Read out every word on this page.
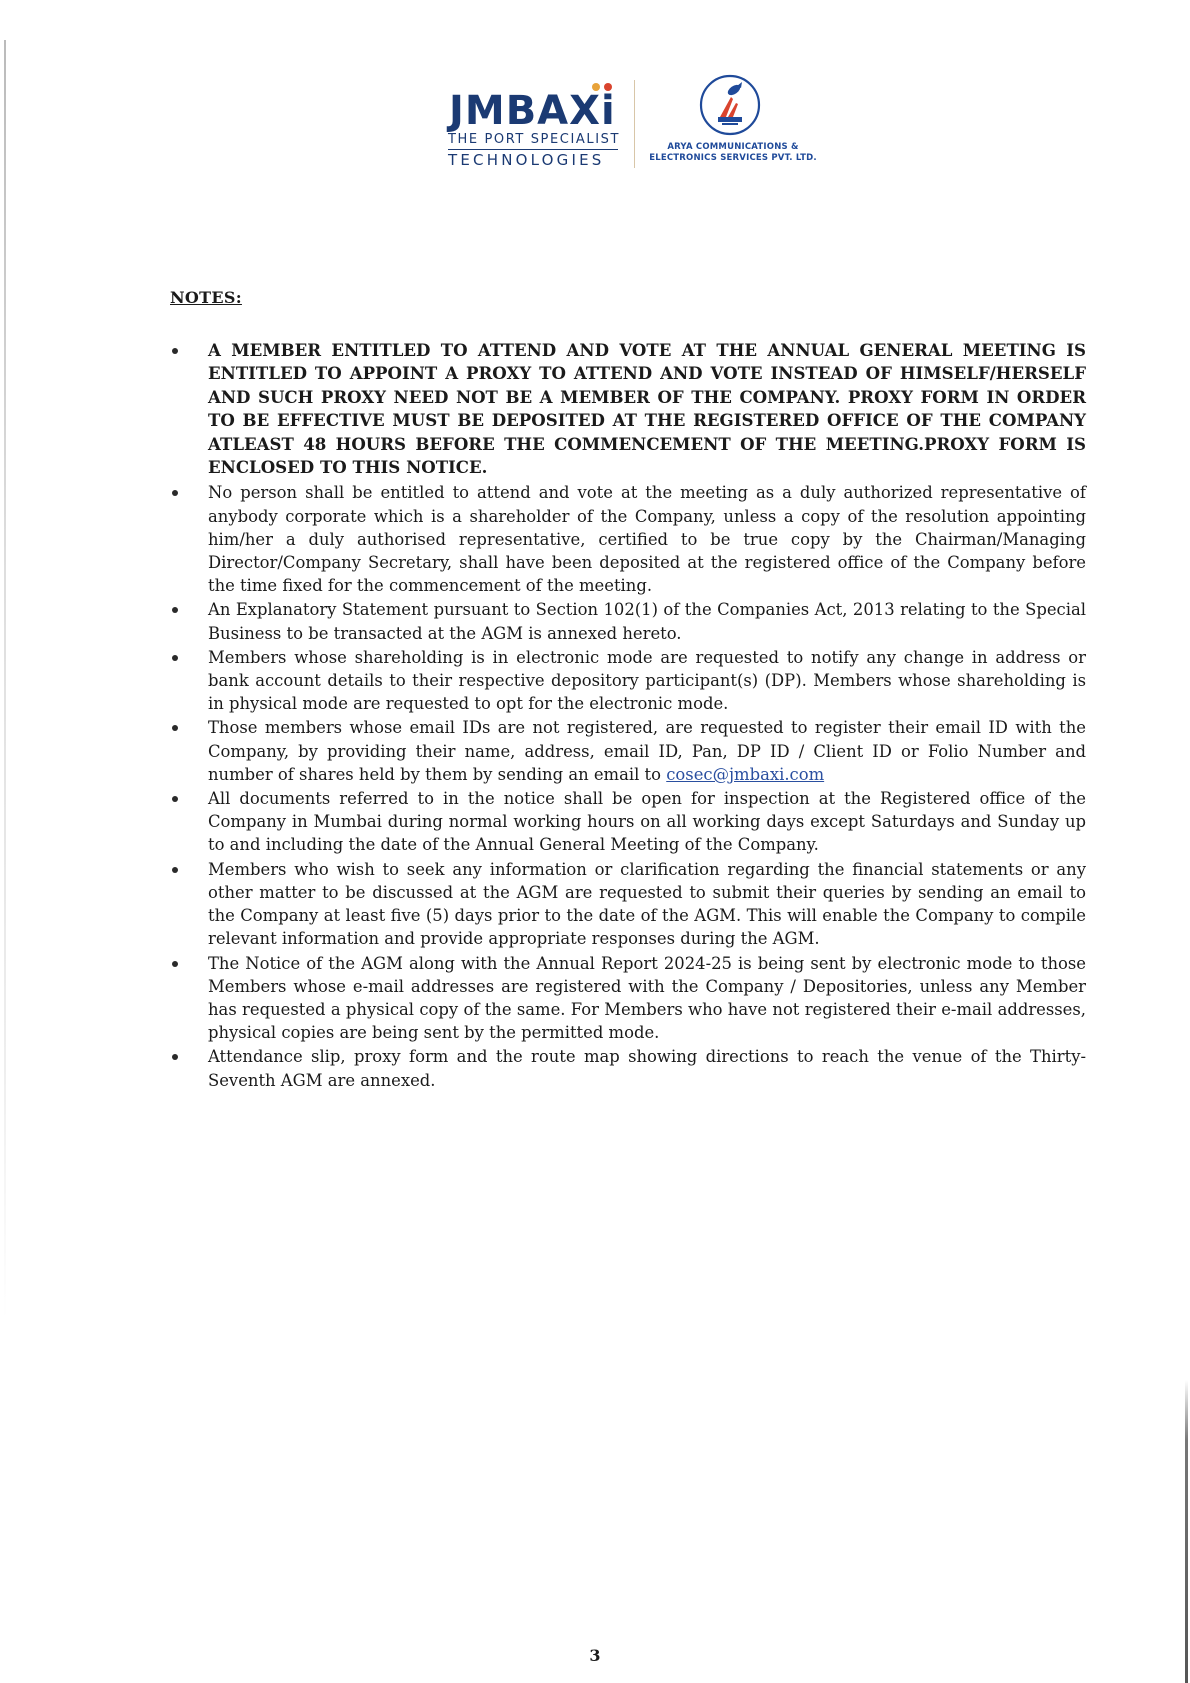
JMBAXi
THE PORT SPECIALIST
TECHNOLOGIES
ARYA COMMUNICATIONS &
ELECTRONICS SERVICES PVT. LTD.
NOTES:
A MEMBER ENTITLED TO ATTEND AND VOTE AT THE ANNUAL GENERAL MEETING IS ENTITLED TO APPOINT A PROXY TO ATTEND AND VOTE INSTEAD OF HIMSELF/HERSELF AND SUCH PROXY NEED NOT BE A MEMBER OF THE COMPANY. PROXY FORM IN ORDER TO BE EFFECTIVE MUST BE DEPOSITED AT THE REGISTERED OFFICE OF THE COMPANY ATLEAST 48 HOURS BEFORE THE COMMENCEMENT OF THE MEETING.PROXY FORM IS ENCLOSED TO THIS NOTICE.
No person shall be entitled to attend and vote at the meeting as a duly authorized representative of anybody corporate which is a shareholder of the Company, unless a copy of the resolution appointing him/her a duly authorised representative, certified to be true copy by the Chairman/Managing Director/Company Secretary, shall have been deposited at the registered office of the Company before the time fixed for the commencement of the meeting.
An Explanatory Statement pursuant to Section 102(1) of the Companies Act, 2013 relating to the Special Business to be transacted at the AGM is annexed hereto.
Members whose shareholding is in electronic mode are requested to notify any change in address or bank account details to their respective depository participant(s) (DP). Members whose shareholding is in physical mode are requested to opt for the electronic mode.
Those members whose email IDs are not registered, are requested to register their email ID with the Company, by providing their name, address, email ID, Pan, DP ID / Client ID or Folio Number and number of shares held by them by sending an email to cosec@jmbaxi.com
All documents referred to in the notice shall be open for inspection at the Registered office of the Company in Mumbai during normal working hours on all working days except Saturdays and Sunday up to and including the date of the Annual General Meeting of the Company.
Members who wish to seek any information or clarification regarding the financial statements or any other matter to be discussed at the AGM are requested to submit their queries by sending an email to the Company at least five (5) days prior to the date of the AGM. This will enable the Company to compile relevant information and provide appropriate responses during the AGM.
The Notice of the AGM along with the Annual Report 2024-25 is being sent by electronic mode to those Members whose e-mail addresses are registered with the Company / Depositories, unless any Member has requested a physical copy of the same. For Members who have not registered their e-mail addresses, physical copies are being sent by the permitted mode.
Attendance slip, proxy form and the route map showing directions to reach the venue of the Thirty-Seventh AGM are annexed.
3
